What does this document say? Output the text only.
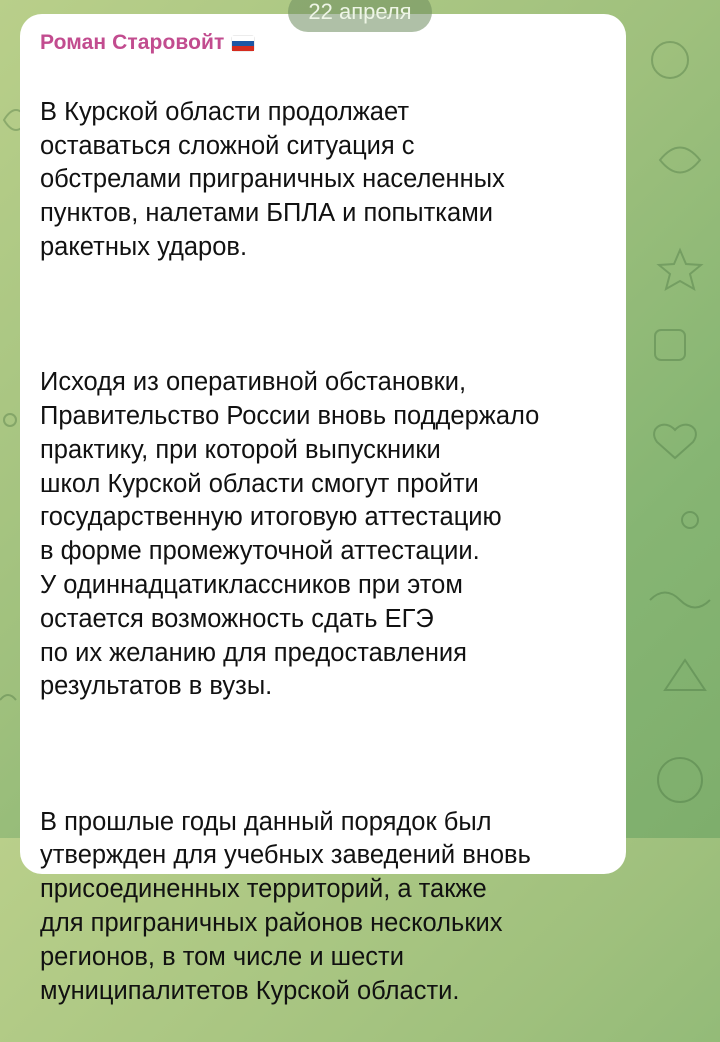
22 апреля
Роман Старовойт

В Курской области продолжает
оставаться сложной ситуация с
обстрелами приграничных населенных
пунктов, налетами БПЛА и попытками
ракетных ударов.

Исходя из оперативной обстановки,
Правительство России вновь поддержало
практику, при которой выпускники
школ Курской области смогут пройти
государственную итоговую аттестацию
в форме промежуточной аттестации.
У одиннадцатиклассников при этом
остается возможность сдать ЕГЭ
по их желанию для предоставления
результатов в вузы.

В прошлые годы данный порядок был
утвержден для учебных заведений вновь
присоединенных территорий, а также
для приграничных районов нескольких
регионов, в том числе и шести
муниципалитетов Курской области.
